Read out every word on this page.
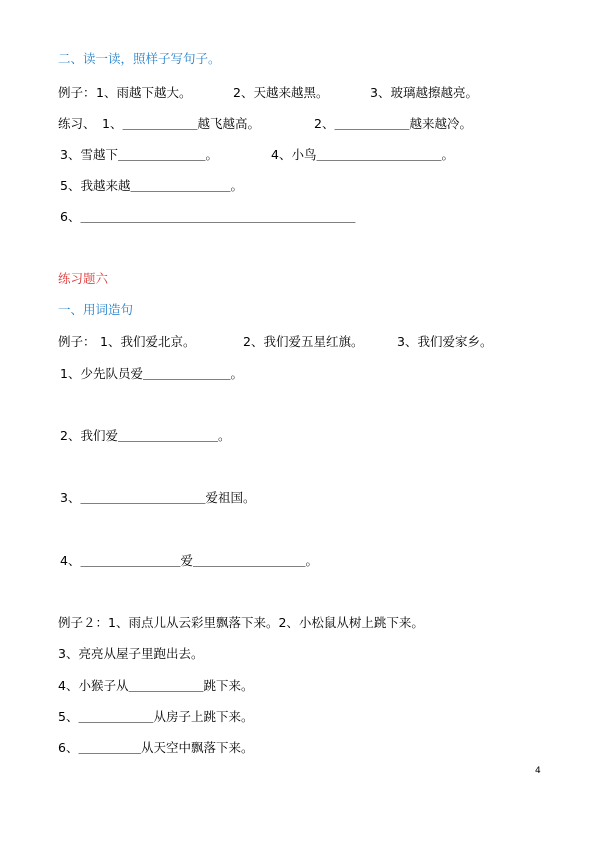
二、读一读，照样子写句子。
例子： 1、雨越下越大。	2、天越来越黑。	3、玻璃越擦越亮。
练习、 1、＿＿＿＿＿＿越飞越高。	2、＿＿＿＿＿＿越来越冷。
3、雪越下＿＿＿＿＿＿＿。	4、小鸟＿＿＿＿＿＿＿＿＿＿。
5、我越来越＿＿＿＿＿＿＿＿。
6、＿＿＿＿＿＿＿＿＿＿＿＿＿＿＿＿＿＿＿＿＿＿
练习题六
一、用词造句
例子： 1、我们爱北京。	2、我们爱五星红旗。	3、我们爱家乡。
1、少先队员爱＿＿＿＿＿＿＿。
2、我们爱＿＿＿＿＿＿＿＿。
3、＿＿＿＿＿＿＿＿＿＿爱祖国。
4、＿＿＿＿＿＿＿＿爱＿＿＿＿＿＿＿＿＿。
例子２：1、雨点儿从云彩里飘落下来。2、小松鼠从树上跳下来。
3、亮亮从屋子里跑出去。
4、小猴子从＿＿＿＿＿＿跳下来。
5、＿＿＿＿＿＿从房子上跳下来。
6、＿＿＿＿＿从天空中飘落下来。
4
